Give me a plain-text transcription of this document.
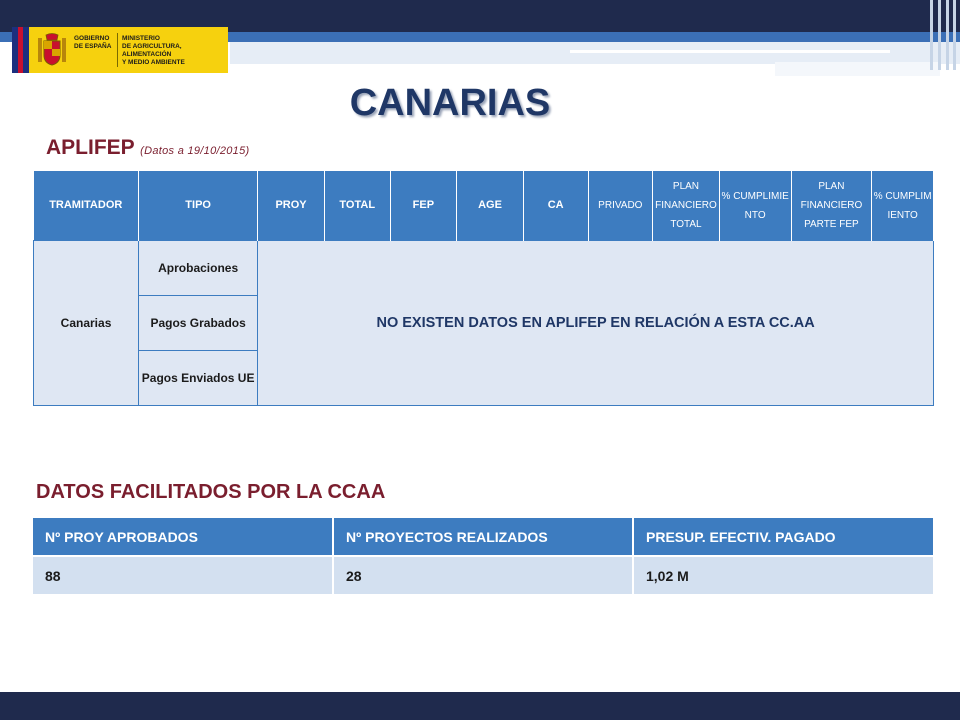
GOBIERNO
DE ESPAÑA
MINISTERIO
DE AGRICULTURA, ALIMENTACIÓN
Y MEDIO AMBIENTE
CANARIAS
APLIFEP (Datos a 19/10/2015)
TRAMITADOR	TIPO	PROY	TOTAL	FEP	AGE	CA	PRIVADO	PLAN FINANCIERO TOTAL	% CUMPLIMIE NTO	PLAN FINANCIERO PARTE FEP	% CUMPLIM IENTO
Canarias	Aprobaciones	NO EXISTEN DATOS EN APLIFEP EN RELACIÓN A ESTA CC.AA									
	Pagos Grabados										
	Pagos Enviados UE										
DATOS FACILITADOS POR LA CCAA
Nº PROY APROBADOS	Nº PROYECTOS REALIZADOS	PRESUP. EFECTIV. PAGADO
88	28	1,02 M
